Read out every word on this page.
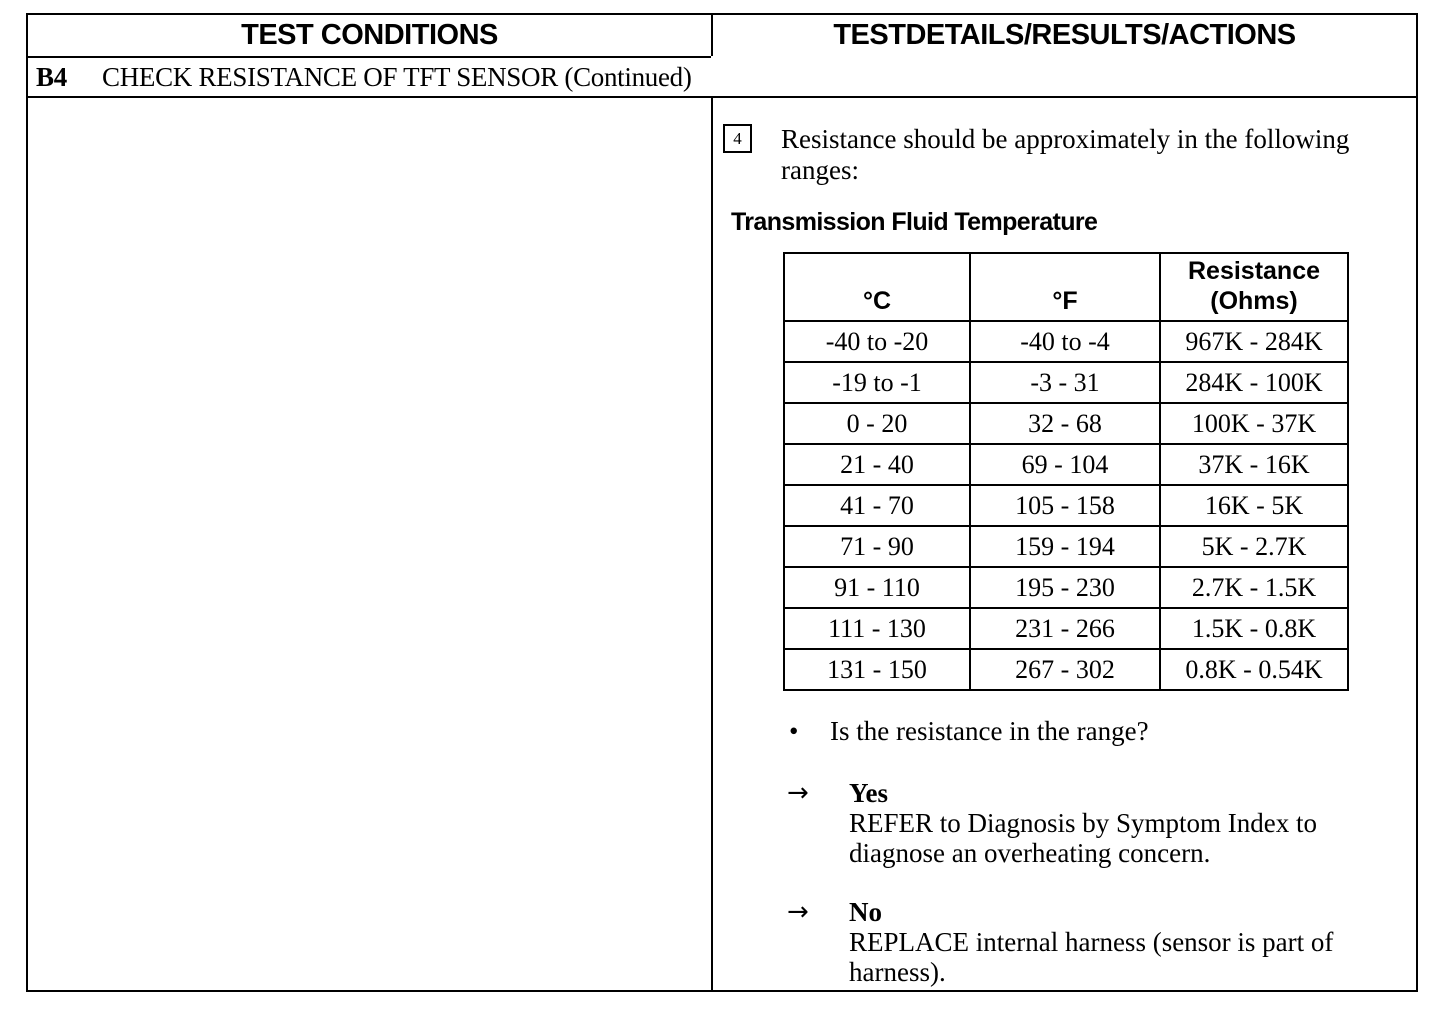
TEST CONDITIONS	TESTDETAILS/RESULTS/ACTIONS
B4	CHECK RESISTANCE OF TFT SENSOR (Continued)
4	Resistance should be approximately in the following ranges:
Transmission Fluid Temperature
°C	°F	Resistance (Ohms)
-40 to -20	-40 to -4	967K - 284K
-19 to -1	-3 - 31	284K - 100K
0 - 20	32 - 68	100K - 37K
21 - 40	69 - 104	37K - 16K
41 - 70	105 - 158	16K - 5K
71 - 90	159 - 194	5K - 2.7K
91 - 110	195 - 230	2.7K - 1.5K
111 - 130	231 - 266	1.5K - 0.8K
131 - 150	267 - 302	0.8K - 0.54K
• Is the resistance in the range?
→ Yes
REFER to Diagnosis by Symptom Index to diagnose an overheating concern.
→ No
REPLACE internal harness (sensor is part of harness).
